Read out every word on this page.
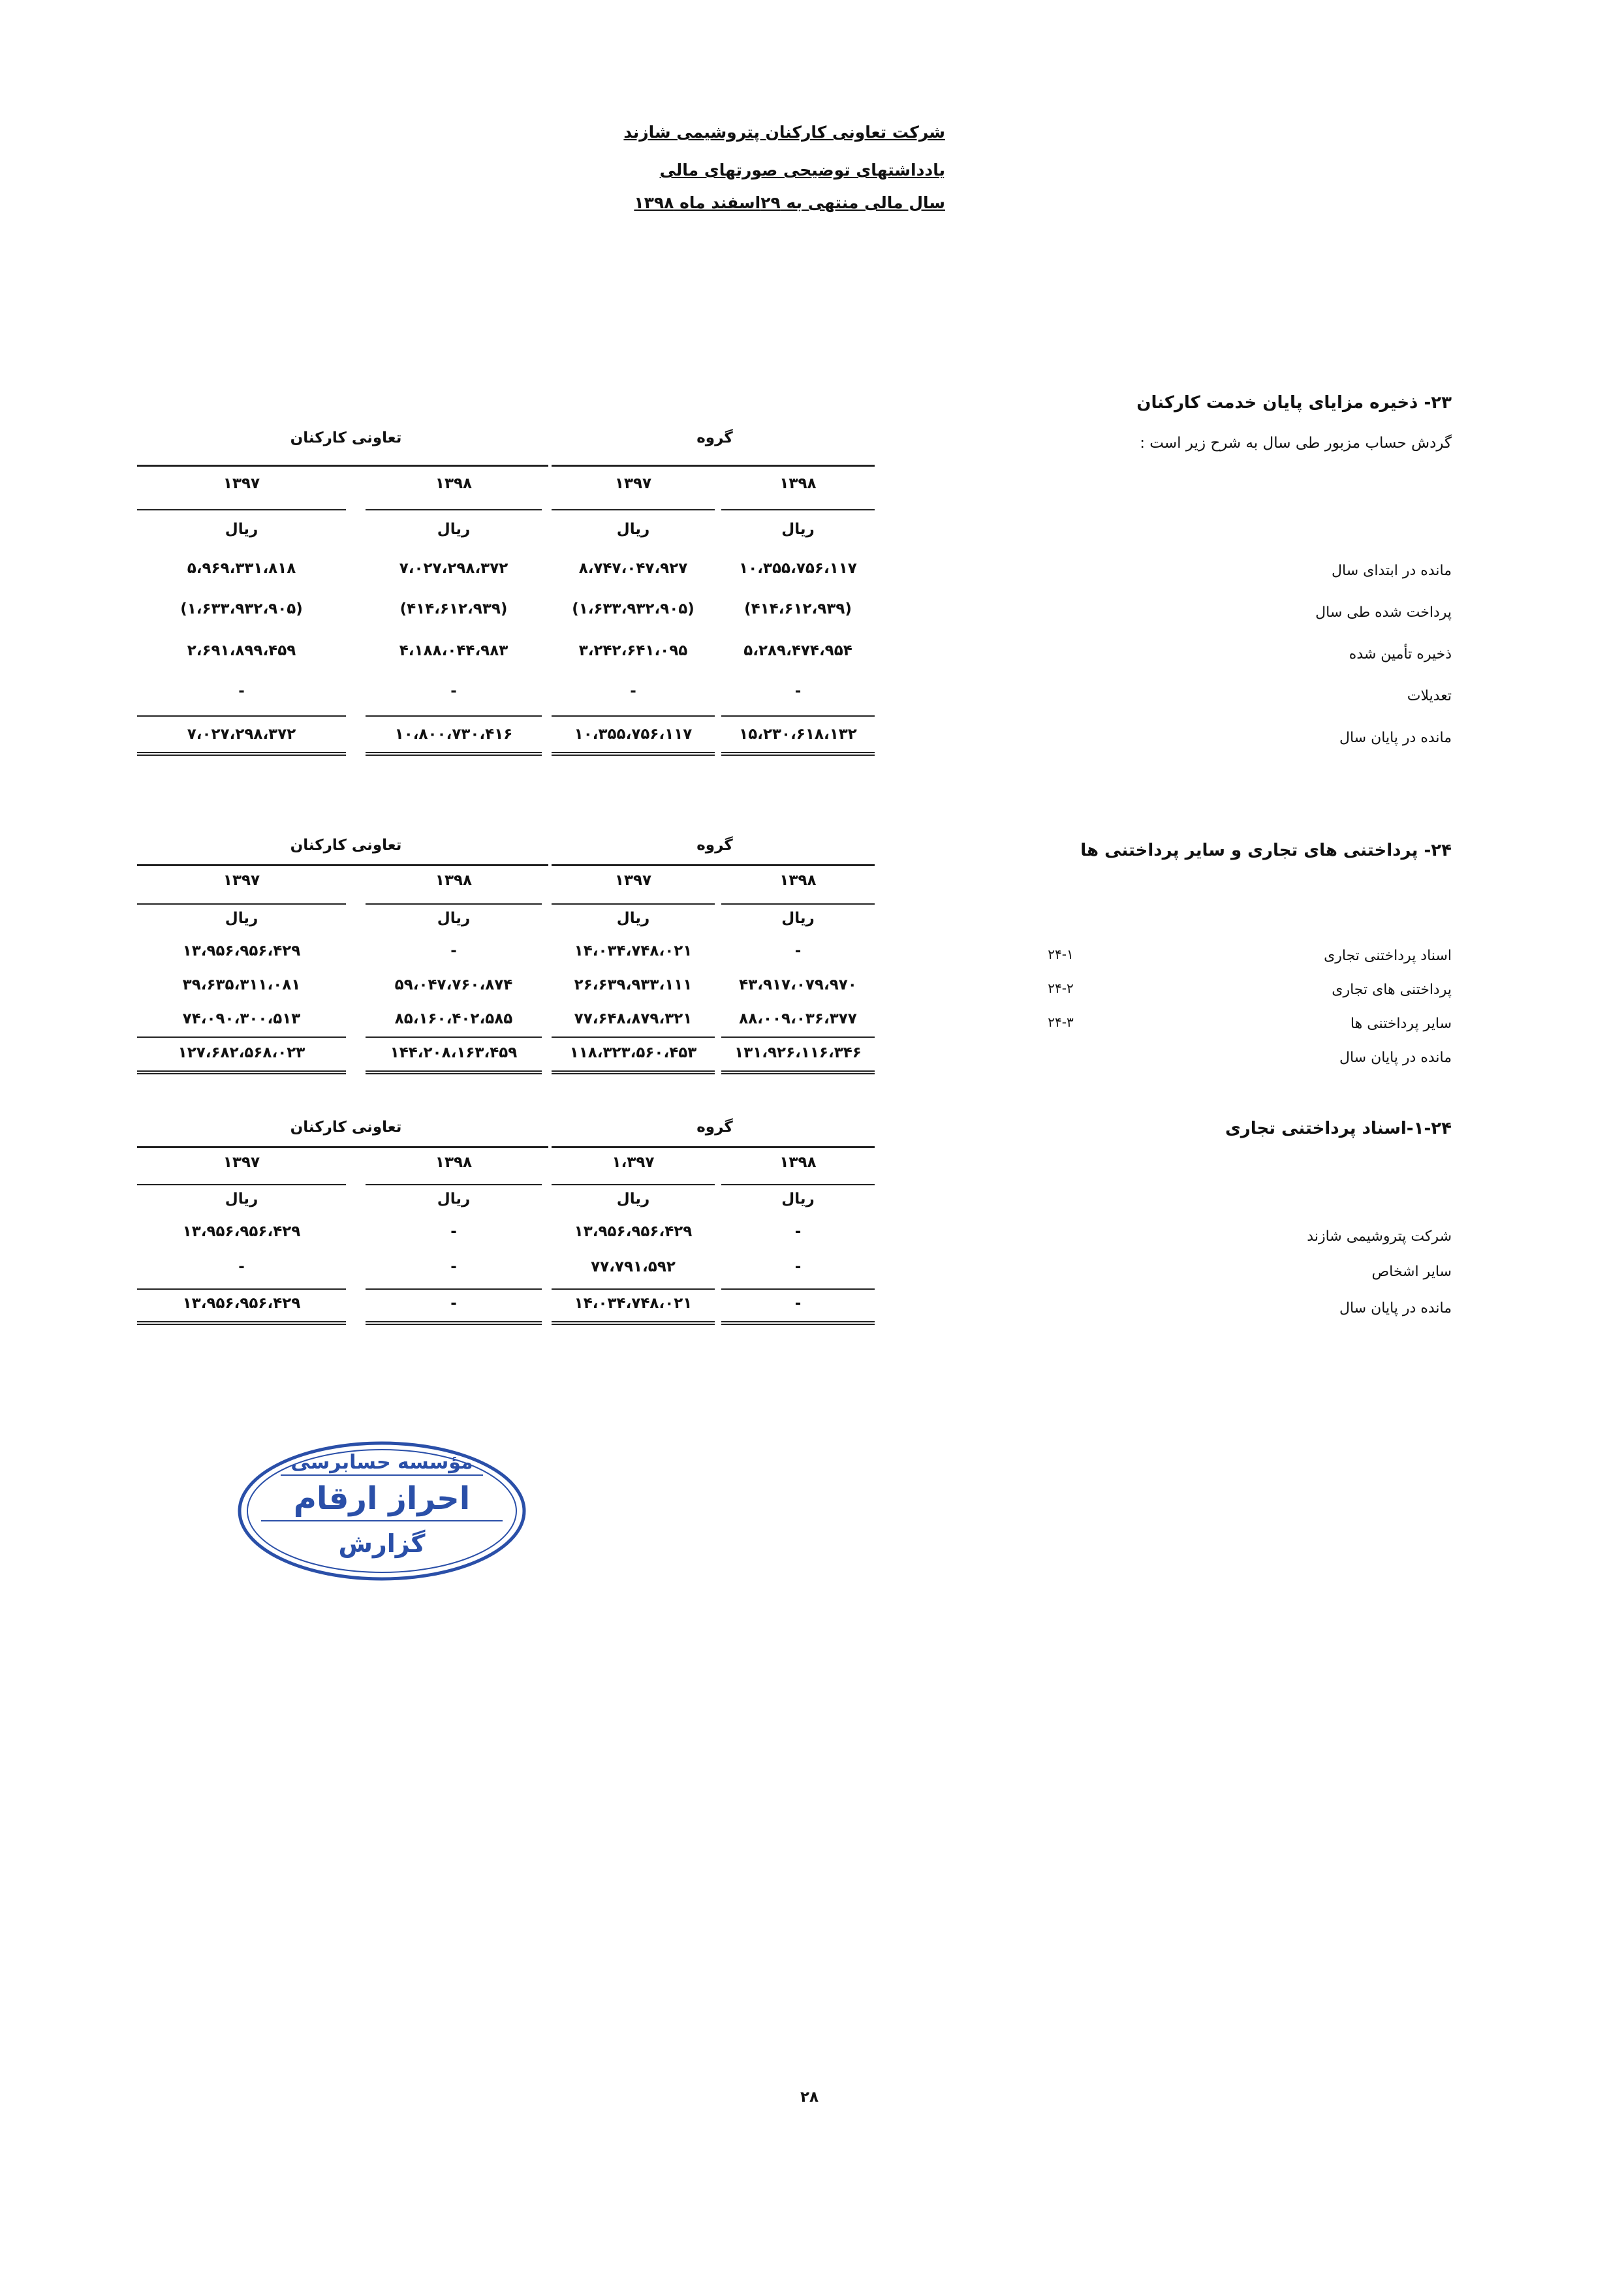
شرکت تعاونی کارکنان پتروشیمی شازند
یادداشتهای توضیحی صورتهای مالی
سال مالی منتهی به ۲۹اسفند ماه ۱۳۹۸
۲۳- ذخیره مزایای پایان خدمت کارکنان
گردش حساب مزبور طی سال به شرح زیر است :
گروه
تعاونی کارکنان
۱۳۹۸
۱۳۹۷
۱۳۹۸
۱۳۹۷
ریال
ریال
ریال
ریال
مانده در ابتدای سال
۱۰،۳۵۵،۷۵۶،۱۱۷
۸،۷۴۷،۰۴۷،۹۲۷
۷،۰۲۷،۲۹۸،۳۷۲
۵،۹۶۹،۳۳۱،۸۱۸
پرداخت شده طی سال
(۴۱۴،۶۱۲،۹۳۹)
(۱،۶۳۳،۹۳۲،۹۰۵)
(۴۱۴،۶۱۲،۹۳۹)
(۱،۶۳۳،۹۳۲،۹۰۵)
ذخیره تأمین شده
۵،۲۸۹،۴۷۴،۹۵۴
۳،۲۴۲،۶۴۱،۰۹۵
۴،۱۸۸،۰۴۴،۹۸۳
۲،۶۹۱،۸۹۹،۴۵۹
تعدیلات
-
-
-
-
مانده در پایان سال
۱۵،۲۳۰،۶۱۸،۱۳۲
۱۰،۳۵۵،۷۵۶،۱۱۷
۱۰،۸۰۰،۷۳۰،۴۱۶
۷،۰۲۷،۲۹۸،۳۷۲
۲۴- پرداختنی های تجاری و سایر پرداختنی ها
گروه
تعاونی کارکنان
۱۳۹۸
۱۳۹۷
۱۳۹۸
۱۳۹۷
ریال
ریال
ریال
ریال
اسناد پرداختنی تجاری
۲۴-۱
-
۱۴،۰۳۴،۷۴۸،۰۲۱
-
۱۳،۹۵۶،۹۵۶،۴۲۹
پرداختنی های تجاری
۲۴-۲
۴۳،۹۱۷،۰۷۹،۹۷۰
۲۶،۶۳۹،۹۳۳،۱۱۱
۵۹،۰۴۷،۷۶۰،۸۷۴
۳۹،۶۳۵،۳۱۱،۰۸۱
سایر پرداختنی ها
۲۴-۳
۸۸،۰۰۹،۰۳۶،۳۷۷
۷۷،۶۴۸،۸۷۹،۳۲۱
۸۵،۱۶۰،۴۰۲،۵۸۵
۷۴،۰۹۰،۳۰۰،۵۱۳
مانده در پایان سال
۱۳۱،۹۲۶،۱۱۶،۳۴۶
۱۱۸،۳۲۳،۵۶۰،۴۵۳
۱۴۴،۲۰۸،۱۶۳،۴۵۹
۱۲۷،۶۸۲،۵۶۸،۰۲۳
۱-۲۴-اسناد پرداختنی تجاری
گروه
تعاونی کارکنان
۱۳۹۸
۱،۳۹۷
۱۳۹۸
۱۳۹۷
ریال
ریال
ریال
ریال
شرکت پتروشیمی شازند
-
۱۳،۹۵۶،۹۵۶،۴۲۹
-
۱۳،۹۵۶،۹۵۶،۴۲۹
سایر اشخاص
-
۷۷،۷۹۱،۵۹۲
-
-
مانده در پایان سال
-
۱۴،۰۳۴،۷۴۸،۰۲۱
-
۱۳،۹۵۶،۹۵۶،۴۲۹
مؤسسه حسابرسی
احراز ارقام
گزارش
۲۸
